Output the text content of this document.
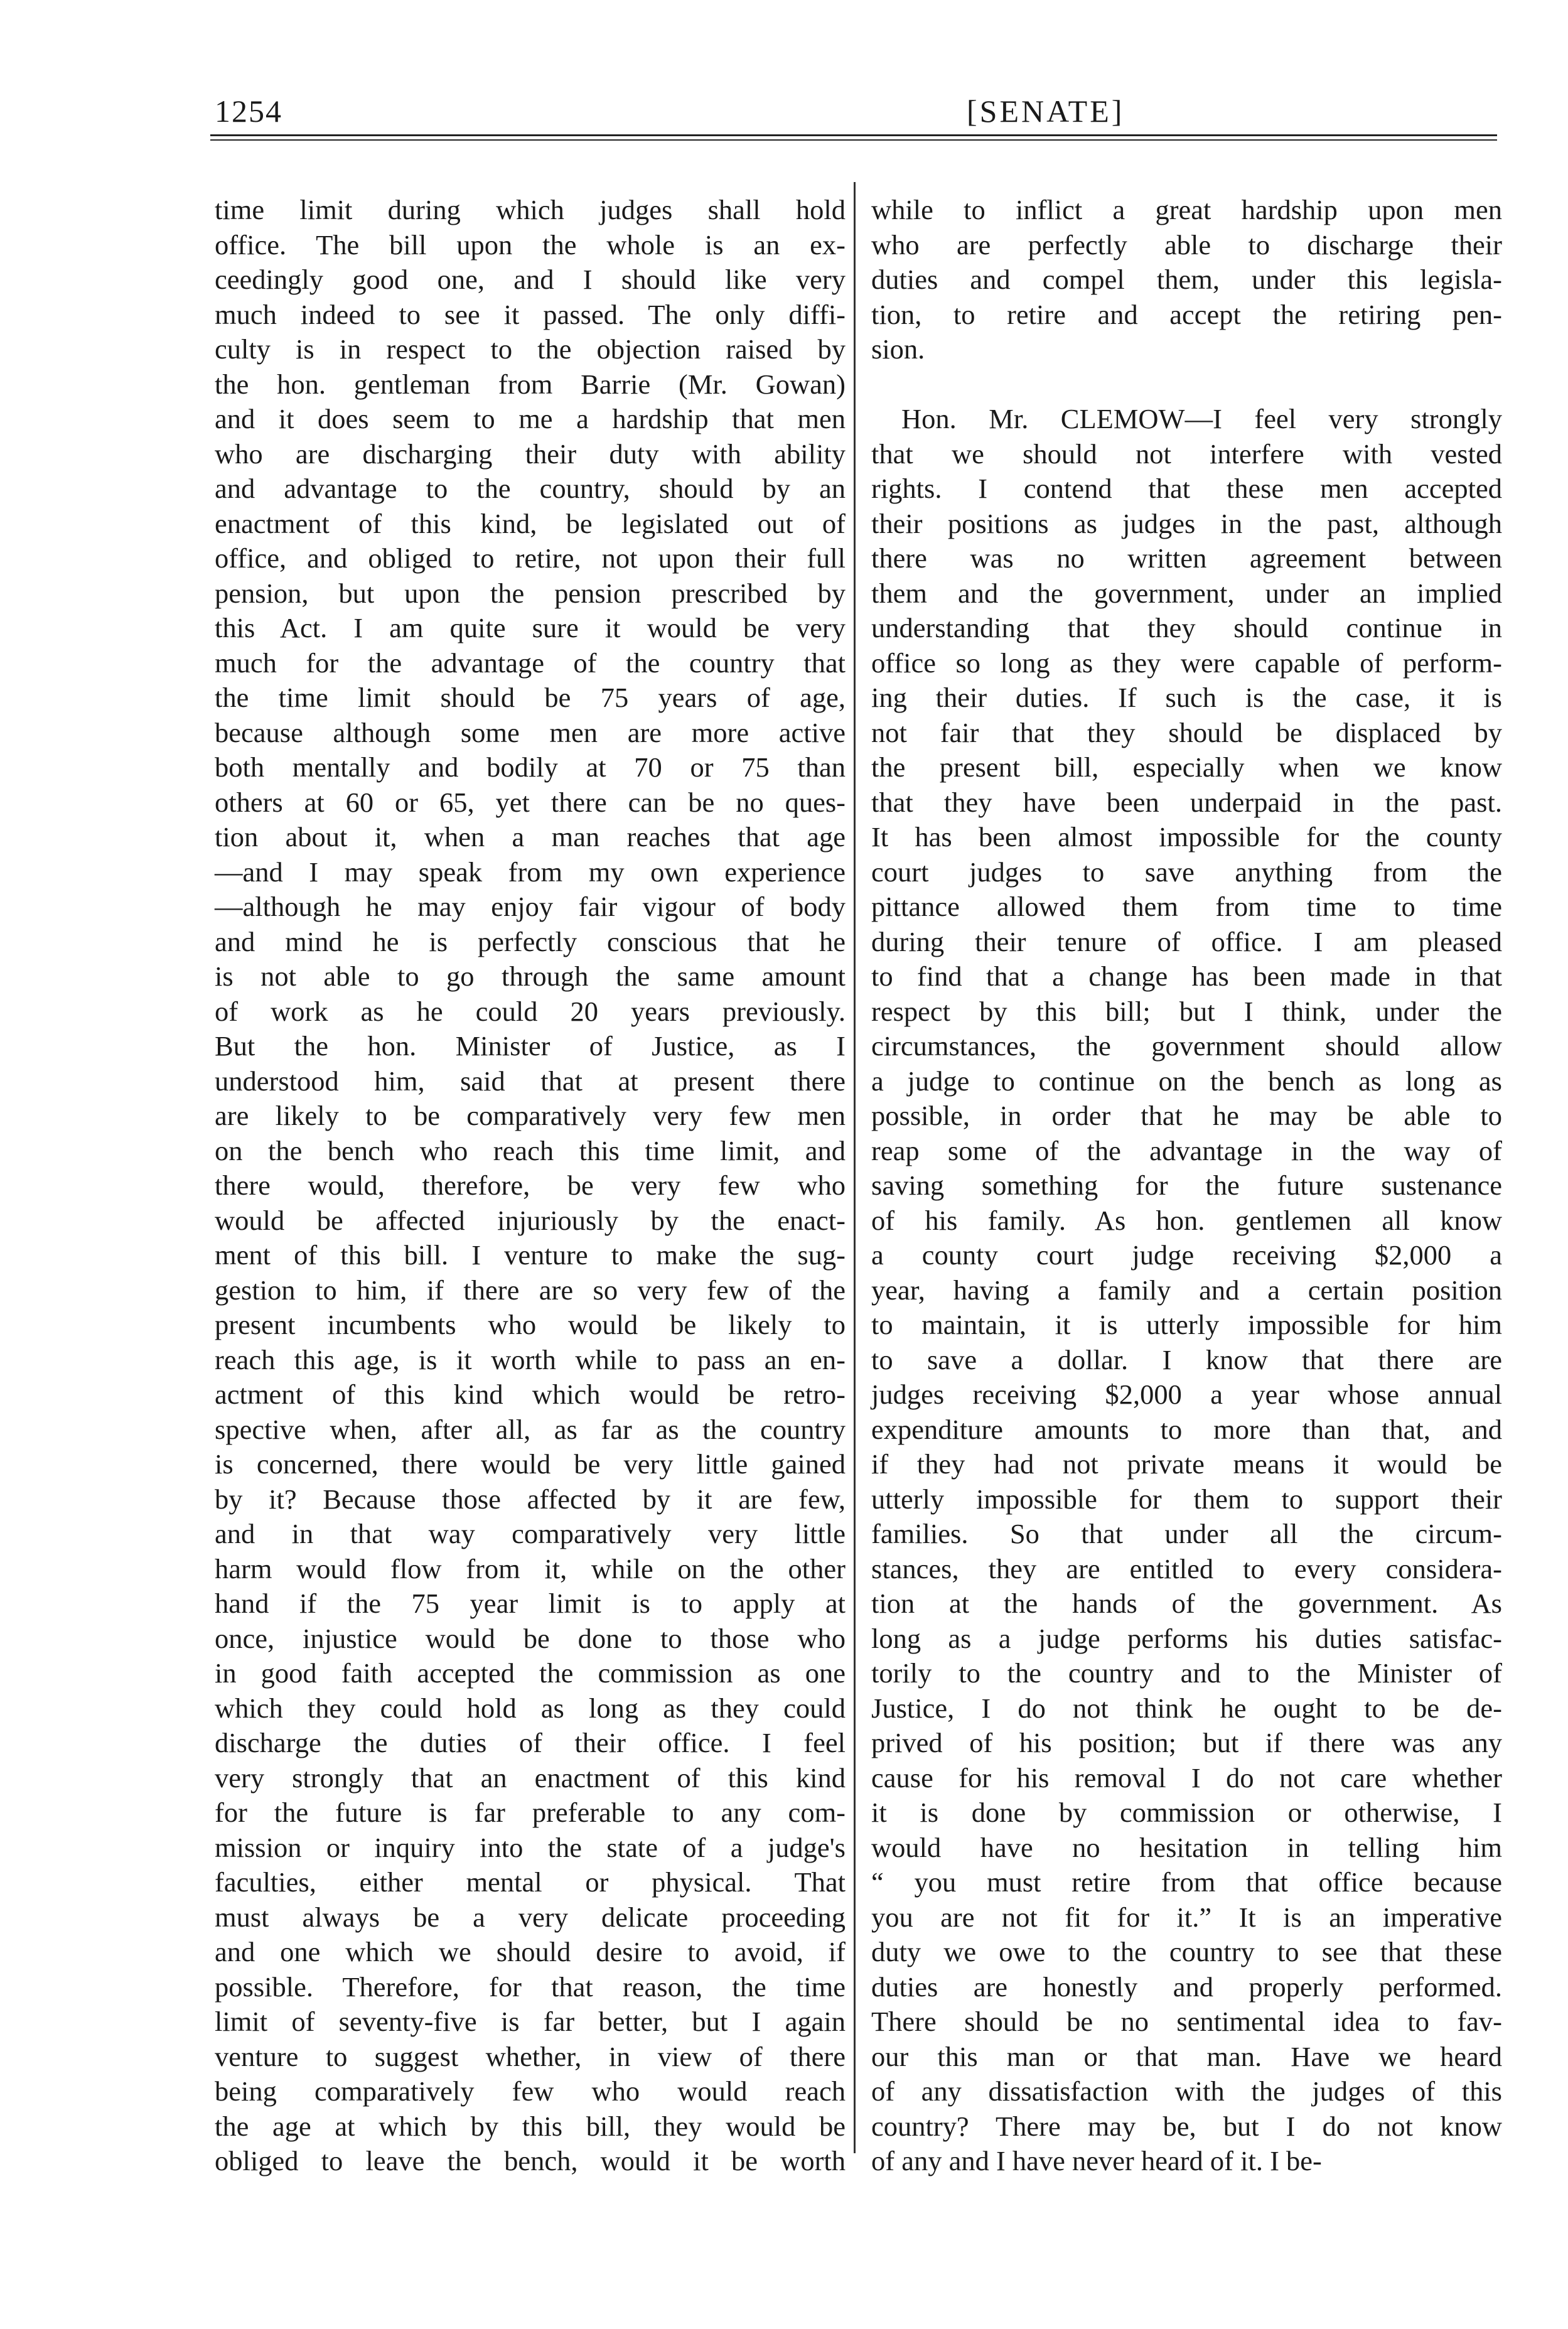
1254	[SENATE]
time limit during which judges shall hold
office. The bill upon the whole is an ex-
ceedingly good one, and I should like very
much indeed to see it passed. The only diffi-
culty is in respect to the objection raised by
the hon. gentleman from Barrie (Mr. Gowan)
and it does seem to me a hardship that men
who are discharging their duty with ability
and advantage to the country, should by an
enactment of this kind, be legislated out of
office, and obliged to retire, not upon their full
pension, but upon the pension prescribed by
this Act. I am quite sure it would be very
much for the advantage of the country that
the time limit should be 75 years of age,
because although some men are more active
both mentally and bodily at 70 or 75 than
others at 60 or 65, yet there can be no ques-
tion about it, when a man reaches that age
—and I may speak from my own experience
—although he may enjoy fair vigour of body
and mind he is perfectly conscious that he
is not able to go through the same amount
of work as he could 20 years previously.
But the hon. Minister of Justice, as I
understood him, said that at present there
are likely to be comparatively very few men
on the bench who reach this time limit, and
there would, therefore, be very few who
would be affected injuriously by the enact-
ment of this bill. I venture to make the sug-
gestion to him, if there are so very few of the
present incumbents who would be likely to
reach this age, is it worth while to pass an en-
actment of this kind which would be retro-
spective when, after all, as far as the country
is concerned, there would be very little gained
by it? Because those affected by it are few,
and in that way comparatively very little
harm would flow from it, while on the other
hand if the 75 year limit is to apply at
once, injustice would be done to those who
in good faith accepted the commission as one
which they could hold as long as they could
discharge the duties of their office. I feel
very strongly that an enactment of this kind
for the future is far preferable to any com-
mission or inquiry into the state of a judge's
faculties, either mental or physical. That
must always be a very delicate proceeding
and one which we should desire to avoid, if
possible. Therefore, for that reason, the time
limit of seventy-five is far better, but I again
venture to suggest whether, in view of there
being comparatively few who would reach
the age at which by this bill, they would be
obliged to leave the bench, would it be worth
while to inflict a great hardship upon men
who are perfectly able to discharge their
duties and compel them, under this legisla-
tion, to retire and accept the retiring pen-
sion.
Hon. Mr. CLEMOW—I feel very strongly
that we should not interfere with vested
rights. I contend that these men accepted
their positions as judges in the past, although
there was no written agreement between
them and the government, under an implied
understanding that they should continue in
office so long as they were capable of perform-
ing their duties. If such is the case, it is
not fair that they should be displaced by
the present bill, especially when we know
that they have been underpaid in the past.
It has been almost impossible for the county
court judges to save anything from the
pittance allowed them from time to time
during their tenure of office. I am pleased
to find that a change has been made in that
respect by this bill; but I think, under the
circumstances, the government should allow
a judge to continue on the bench as long as
possible, in order that he may be able to
reap some of the advantage in the way of
saving something for the future sustenance
of his family. As hon. gentlemen all know
a county court judge receiving $2,000 a
year, having a family and a certain position
to maintain, it is utterly impossible for him
to save a dollar. I know that there are
judges receiving $2,000 a year whose annual
expenditure amounts to more than that, and
if they had not private means it would be
utterly impossible for them to support their
families. So that under all the circum-
stances, they are entitled to every considera-
tion at the hands of the government. As
long as a judge performs his duties satisfac-
torily to the country and to the Minister of
Justice, I do not think he ought to be de-
prived of his position; but if there was any
cause for his removal I do not care whether
it is done by commission or otherwise, I
would have no hesitation in telling him
“ you must retire from that office because
you are not fit for it.” It is an imperative
duty we owe to the country to see that these
duties are honestly and properly performed.
There should be no sentimental idea to fav-
our this man or that man. Have we heard
of any dissatisfaction with the judges of this
country? There may be, but I do not know
of any and I have never heard of it. I be-
